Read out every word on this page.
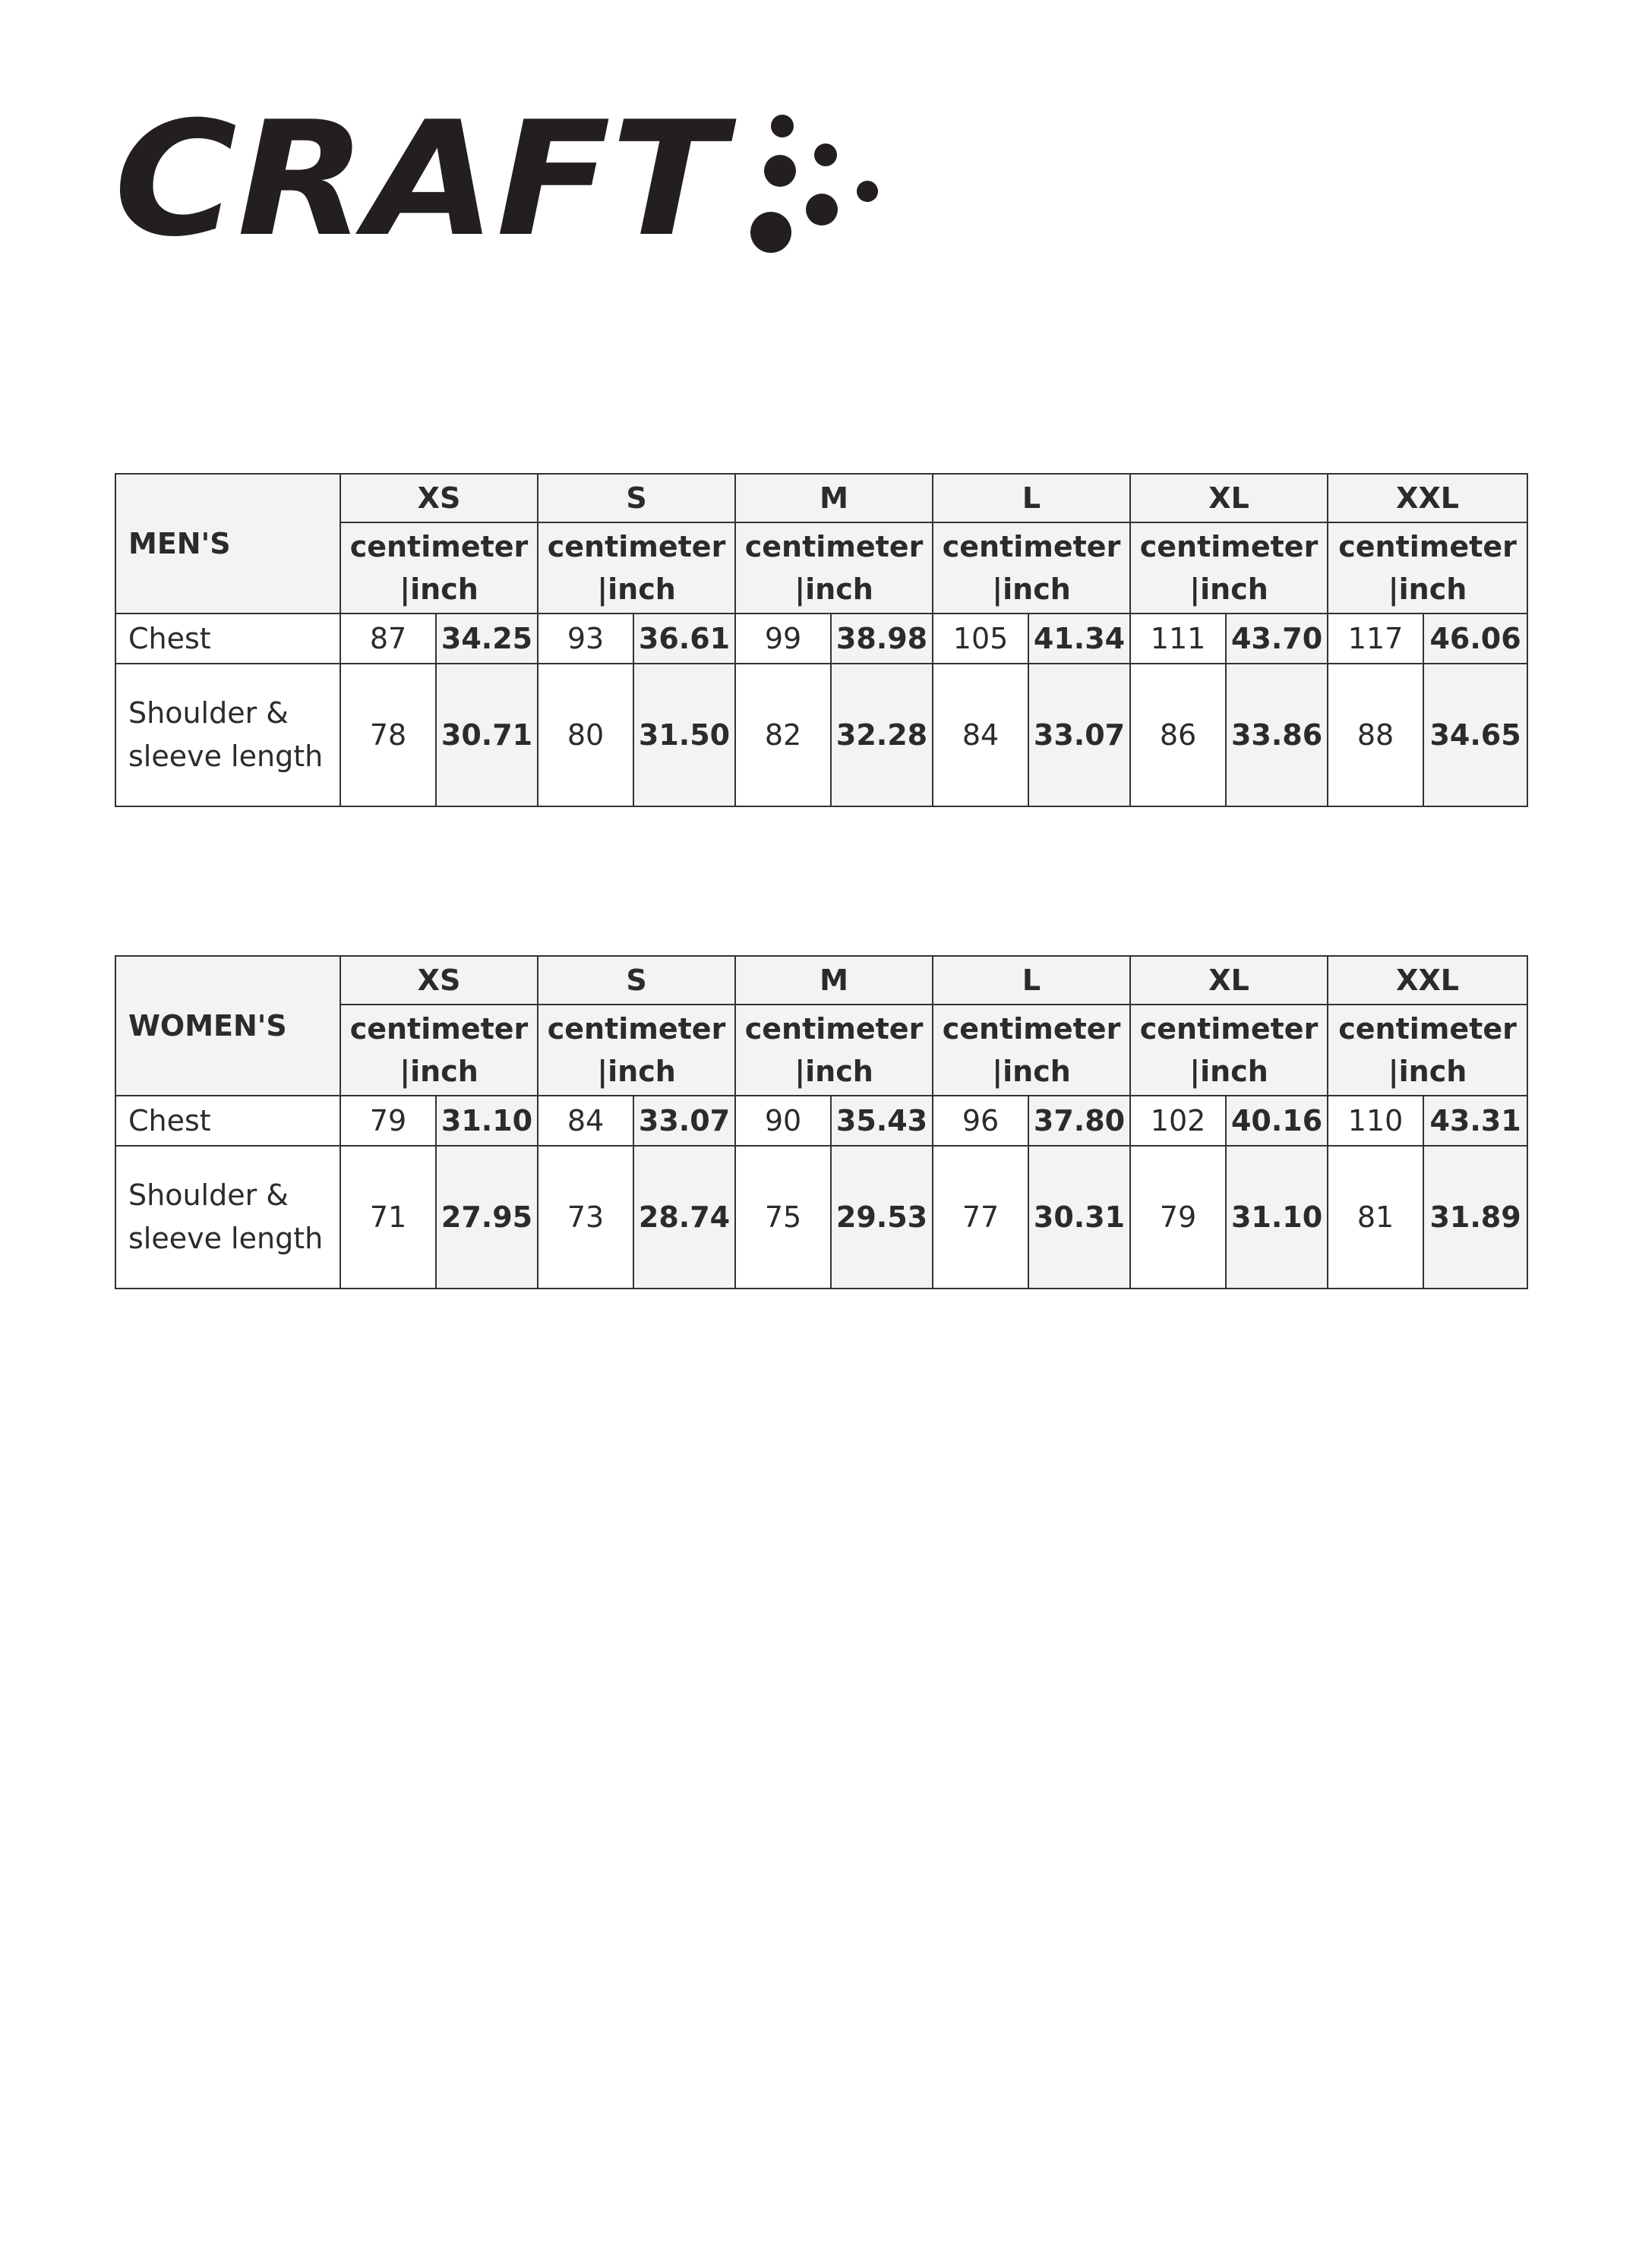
CRAFT
MEN'S	XS		S		M		L		XL		XXL	

	centimeter
|inch		centimeter
|inch		centimeter
|inch		centimeter
|inch		centimeter
|inch		centimeter
|inch	

Chest	87	34.25	93	36.61	99	38.98	105	41.34	111	43.70	117	46.06

Shoulder &
sleeve length	78	30.71	80	31.50	82	32.28	84	33.07	86	33.86	88	34.65
WOMEN'S	XS		S		M		L		XL		XXL	

	centimeter
|inch		centimeter
|inch		centimeter
|inch		centimeter
|inch		centimeter
|inch		centimeter
|inch	

Chest	79	31.10	84	33.07	90	35.43	96	37.80	102	40.16	110	43.31

Shoulder &
sleeve length	71	27.95	73	28.74	75	29.53	77	30.31	79	31.10	81	31.89
